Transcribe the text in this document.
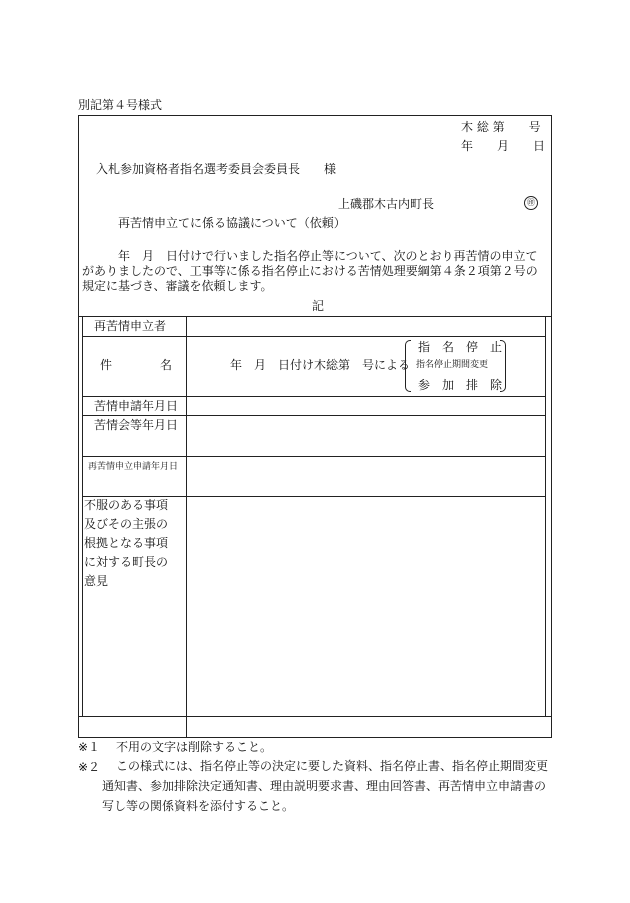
別記第４号様式
木 総 第　　号
年　　月　　日
入札参加資格者指名選考委員会委員長　　様
上磯郡木古内町長	㊞
再苦情申立てに係る協議について（依頼）
　　　年　月　日付けで行いました指名停止等について、次のとおり再苦情の申立てがありましたので、工事等に係る指名停止における苦情処理要綱第４条２項第２号の規定に基づき、審議を依頼します。
記
再苦情申立者
件	名	年　月　日付け木総第　号による
指　名　停　止
指名停止期間変更
参　加　排　除
苦情申請年月日
苦情会等年月日
再苦情申立申請年月日
不服のある事項及びその主張の根拠となる事項に対する町長の意見
※１ 不用の文字は削除すること。
※２	この様式には、指名停止等の決定に要した資料、指名停止書、指名停止期間変更通知書、参加排除決定通知書、理由説明要求書、理由回答書、再苦情申立申請書の写し等の関係資料を添付すること。
